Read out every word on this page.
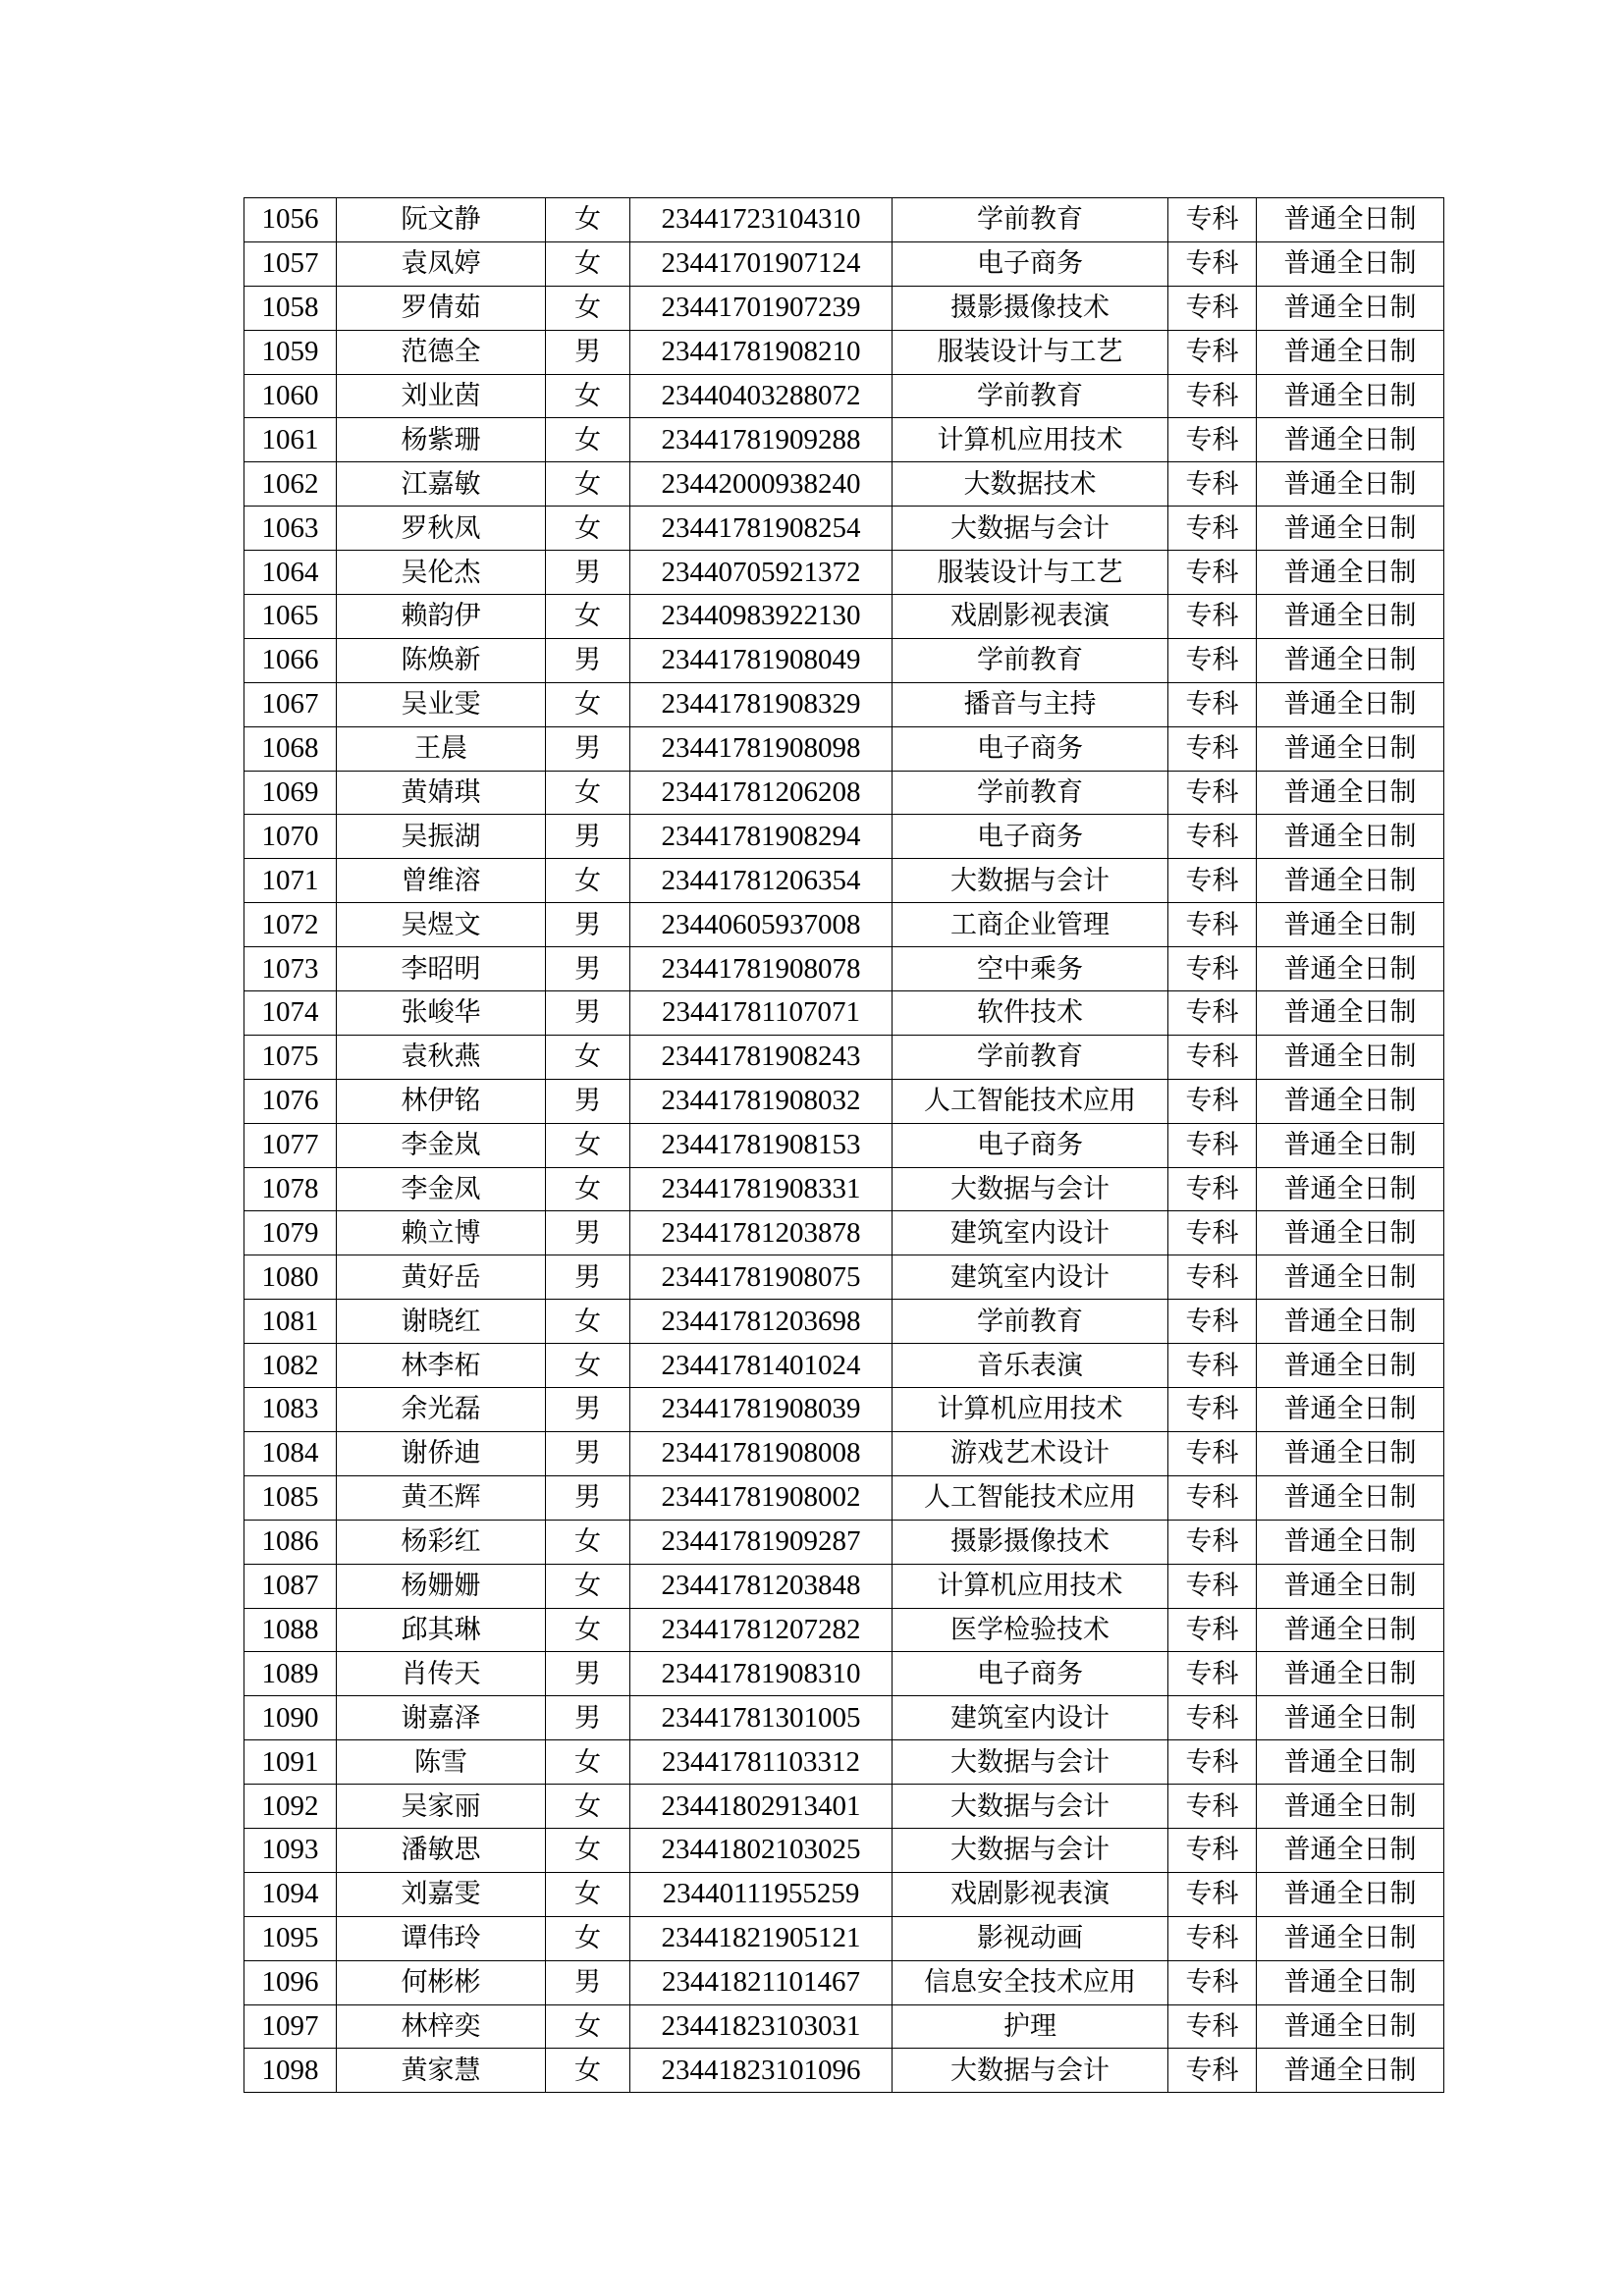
1056	阮文静	女	23441723104310	学前教育	专科	普通全日制
1057	袁凤婷	女	23441701907124	电子商务	专科	普通全日制
1058	罗倩茹	女	23441701907239	摄影摄像技术	专科	普通全日制
1059	范德全	男	23441781908210	服装设计与工艺	专科	普通全日制
1060	刘业茵	女	23440403288072	学前教育	专科	普通全日制
1061	杨紫珊	女	23441781909288	计算机应用技术	专科	普通全日制
1062	江嘉敏	女	23442000938240	大数据技术	专科	普通全日制
1063	罗秋凤	女	23441781908254	大数据与会计	专科	普通全日制
1064	吴伦杰	男	23440705921372	服装设计与工艺	专科	普通全日制
1065	赖韵伊	女	23440983922130	戏剧影视表演	专科	普通全日制
1066	陈焕新	男	23441781908049	学前教育	专科	普通全日制
1067	吴业雯	女	23441781908329	播音与主持	专科	普通全日制
1068	王晨	男	23441781908098	电子商务	专科	普通全日制
1069	黄婧琪	女	23441781206208	学前教育	专科	普通全日制
1070	吴振湖	男	23441781908294	电子商务	专科	普通全日制
1071	曾维溶	女	23441781206354	大数据与会计	专科	普通全日制
1072	吴煜文	男	23440605937008	工商企业管理	专科	普通全日制
1073	李昭明	男	23441781908078	空中乘务	专科	普通全日制
1074	张峻华	男	23441781107071	软件技术	专科	普通全日制
1075	袁秋燕	女	23441781908243	学前教育	专科	普通全日制
1076	林伊铭	男	23441781908032	人工智能技术应用	专科	普通全日制
1077	李金岚	女	23441781908153	电子商务	专科	普通全日制
1078	李金凤	女	23441781908331	大数据与会计	专科	普通全日制
1079	赖立博	男	23441781203878	建筑室内设计	专科	普通全日制
1080	黄好岳	男	23441781908075	建筑室内设计	专科	普通全日制
1081	谢晓红	女	23441781203698	学前教育	专科	普通全日制
1082	林李柘	女	23441781401024	音乐表演	专科	普通全日制
1083	余光磊	男	23441781908039	计算机应用技术	专科	普通全日制
1084	谢侨迪	男	23441781908008	游戏艺术设计	专科	普通全日制
1085	黄丕辉	男	23441781908002	人工智能技术应用	专科	普通全日制
1086	杨彩红	女	23441781909287	摄影摄像技术	专科	普通全日制
1087	杨姗姗	女	23441781203848	计算机应用技术	专科	普通全日制
1088	邱其琳	女	23441781207282	医学检验技术	专科	普通全日制
1089	肖传天	男	23441781908310	电子商务	专科	普通全日制
1090	谢嘉泽	男	23441781301005	建筑室内设计	专科	普通全日制
1091	陈雪	女	23441781103312	大数据与会计	专科	普通全日制
1092	吴家丽	女	23441802913401	大数据与会计	专科	普通全日制
1093	潘敏思	女	23441802103025	大数据与会计	专科	普通全日制
1094	刘嘉雯	女	23440111955259	戏剧影视表演	专科	普通全日制
1095	谭伟玲	女	23441821905121	影视动画	专科	普通全日制
1096	何彬彬	男	23441821101467	信息安全技术应用	专科	普通全日制
1097	林梓奕	女	23441823103031	护理	专科	普通全日制
1098	黄家慧	女	23441823101096	大数据与会计	专科	普通全日制
